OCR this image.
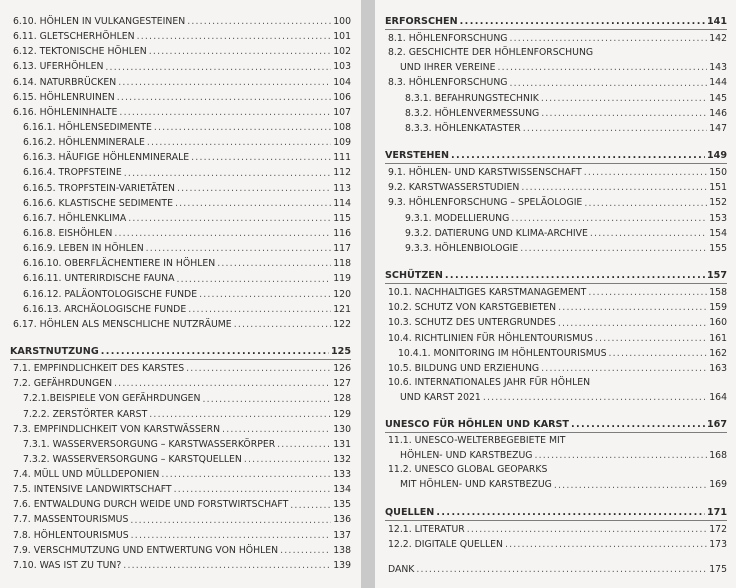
6.10. HÖHLEN IN VULKANGESTEINEN .....	100
6.11. GLETSCHERHÖHLEN .....	101
6.12. TEKTONISCHE HÖHLEN .....	102
6.13. UFERHÖHLEN .....	103
6.14. NATURBRÜCKEN .....	104
6.15. HÖHLENRUINEN .....	106
6.16. HÖHLENINHALTE .....	107
6.16.1. HÖHLENSEDIMENTE .....	108
6.16.2. HÖHLENMINERALE .....	109
6.16.3. HÄUFIGE HÖHLENMINERALE .....	111
6.16.4. TROPFSTEINE .....	112
6.16.5. TROPFSTEIN-VARIETÄTEN .....	113
6.16.6. KLASTISCHE SEDIMENTE .....	114
6.16.7. HÖHLENKLIMA .....	115
6.16.8. EISHÖHLEN .....	116
6.16.9. LEBEN IN HÖHLEN .....	117
6.16.10. OBERFLÄCHENTIERE IN HÖHLEN .....	118
6.16.11. UNTERIRDISCHE FAUNA .....	119
6.16.12. PALÄONTOLOGISCHE FUNDE .....	120
6.16.13. ARCHÄOLOGISCHE FUNDE .....	121
6.17. HÖHLEN ALS MENSCHLICHE NUTZRÄUME .....	122
KARSTNUTZUNG .....	125
7.1. EMPFINDLICHKEIT DES KARSTES .....	126
7.2. GEFÄHRDUNGEN .....	127
7.2.1.BEISPIELE VON GEFÄHRDUNGEN .....	128
7.2.2. ZERSTÖRTER KARST .....	129
7.3. EMPFINDLICHKEIT VON KARSTWÄSSERN .....	130
7.3.1. WASSERVERSORGUNG – KARSTWASSERKÖRPER .....	131
7.3.2. WASSERVERSORGUNG – KARSTQUELLEN .....	132
7.4. MÜLL UND MÜLLDEPONIEN .....	133
7.5. INTENSIVE LANDWIRTSCHAFT .....	134
7.6. ENTWALDUNG DURCH WEIDE UND FORSTWIRTSCHAFT .....	135
7.7. MASSENTOURISMUS .....	136
7.8. HÖHLENTOURISMUS .....	137
7.9. VERSCHMUTZUNG UND ENTWERTUNG VON HÖHLEN .....	138
7.10. WAS IST ZU TUN? .....	139
ERFORSCHEN .....	141
8.1. HÖHLENFORSCHUNG .....	142
8.2. GESCHICHTE DER HÖHLENFORSCHUNG
UND IHRER VEREINE .....	143
8.3. HÖHLENFORSCHUNG .....	144
8.3.1. BEFAHRUNGSTECHNIK .....	145
8.3.2. HÖHLENVERMESSUNG .....	146
8.3.3. HÖHLENKATASTER .....	147
VERSTEHEN .....	149
9.1. HÖHLEN- UND KARSTWISSENSCHAFT .....	150
9.2. KARSTWASSERSTUDIEN .....	151
9.3. HÖHLENFORSCHUNG – SPELÄOLOGIE .....	152
9.3.1. MODELLIERUNG .....	153
9.3.2. DATIERUNG UND KLIMA-ARCHIVE .....	154
9.3.3. HÖHLENBIOLOGIE .....	155
SCHÜTZEN .....	157
10.1. NACHHALTIGES KARSTMANAGEMENT .....	158
10.2. SCHUTZ VON KARSTGEBIETEN .....	159
10.3. SCHUTZ DES UNTERGRUNDES .....	160
10.4. RICHTLINIEN FÜR HÖHLENTOURISMUS .....	161
10.4.1. MONITORING IM HÖHLENTOURISMUS .....	162
10.5. BILDUNG UND ERZIEHUNG .....	163
10.6. INTERNATIONALES JAHR FÜR HÖHLEN
UND KARST 2021 .....	164
UNESCO FÜR HÖHLEN UND KARST .....	167
11.1. UNESCO-WELTERBEGEBIETE MIT
HÖHLEN- UND KARSTBEZUG .....	168
11.2. UNESCO GLOBAL GEOPARKS
MIT HÖHLEN- UND KARSTBEZUG .....	169
QUELLEN .....	171
12.1. LITERATUR .....	172
12.2. DIGITALE QUELLEN .....	173
DANK .....	175
